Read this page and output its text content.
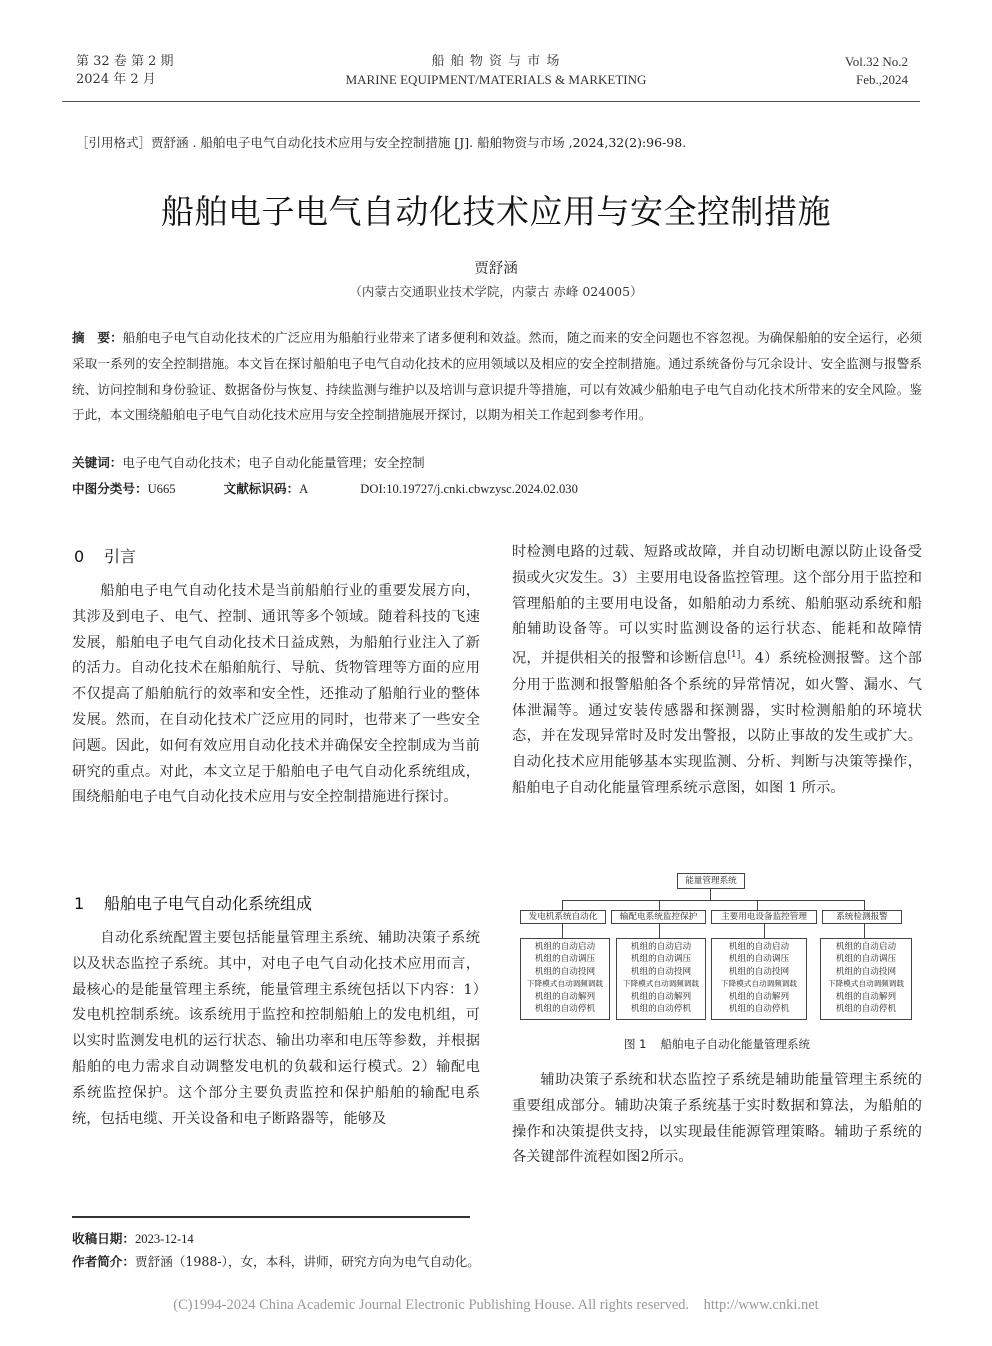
第 32 卷 第 2 期
2024 年 2 月
船 舶 物 资 与 市 场
MARINE EQUIPMENT/MATERIALS & MARKETING
Vol.32 No.2
Feb.,2024
［引用格式］贾舒涵 . 船舶电子电气自动化技术应用与安全控制措施 [J]. 船舶物资与市场 ,2024,32(2):96-98.
船舶电子电气自动化技术应用与安全控制措施
贾舒涵
（内蒙古交通职业技术学院，内蒙古 赤峰 024005）
摘　要：船舶电子电气自动化技术的广泛应用为船舶行业带来了诸多便利和效益。然而，随之而来的安全问题也不容忽视。为确保船舶的安全运行，必须采取一系列的安全控制措施。本文旨在探讨船舶电子电气自动化技术的应用领域以及相应的安全控制措施。通过系统备份与冗余设计、安全监测与报警系统、访问控制和身份验证、数据备份与恢复、持续监测与维护以及培训与意识提升等措施，可以有效减少船舶电子电气自动化技术所带来的安全风险。鉴于此，本文围绕船舶电子电气自动化技术应用与安全控制措施展开探讨，以期为相关工作起到参考作用。
关键词：电子电气自动化技术；电子自动化能量管理；安全控制
中图分类号：U665	文献标识码：A	DOI:10.19727/j.cnki.cbwzysc.2024.02.030
0 引言

船舶电子电气自动化技术是当前船舶行业的重要发展方向，其涉及到电子、电气、控制、通讯等多个领域。随着科技的飞速发展，船舶电子电气自动化技术日益成熟，为船舶行业注入了新的活力。自动化技术在船舶航行、导航、货物管理等方面的应用不仅提高了船舶航行的效率和安全性，还推动了船舶行业的整体发展。然而，在自动化技术广泛应用的同时，也带来了一些安全问题。因此，如何有效应用自动化技术并确保安全控制成为当前研究的重点。对此，本文立足于船舶电子电气自动化系统组成，围绕船舶电子电气自动化技术应用与安全控制措施进行探讨。

1 船舶电子电气自动化系统组成

自动化系统配置主要包括能量管理主系统、辅助决策子系统以及状态监控子系统。其中，对电子电气自动化技术应用而言，最核心的是能量管理主系统，能量管理主系统包括以下内容：1）发电机控制系统。该系统用于监控和控制船舶上的发电机组，可以实时监测发电机的运行状态、输出功率和电压等参数，并根据船舶的电力需求自动调整发电机的负载和运行模式。2）输配电系统监控保护。这个部分主要负责监控和保护船舶的输配电系统，包括电缆、开关设备和电子断路器等，能够及

时检测电路的过载、短路或故障，并自动切断电源以防止设备受损或火灾发生。3）主要用电设备监控管理。这个部分用于监控和管理船舶的主要用电设备，如船舶动力系统、船舶驱动系统和船舶辅助设备等。可以实时监测设备的运行状态、能耗和故障情况，并提供相关的报警和诊断信息[1]。4）系统检测报警。这个部分用于监测和报警船舶各个系统的异常情况，如火警、漏水、气体泄漏等。通过安装传感器和探测器，实时检测船舶的环境状态，并在发现异常时及时发出警报，以防止事故的发生或扩大。自动化技术应用能够基本实现监测、分析、判断与决策等操作，船舶电子自动化能量管理系统示意图，如图 1 所示。

能量管理系统
发电机系统自动化	输配电系统监控保护	主要用电设备监控管理	系统检测报警
机组的自动启动
机组的自动调压
机组的自动投网
下降模式自动调频调载
机组的自动解列
机组的自动停机
机组的自动启动
机组的自动调压
机组的自动投网
下降模式自动调频调载
机组的自动解列
机组的自动停机
机组的自动启动
机组的自动调压
机组的自动投网
下降模式自动调频调载
机组的自动解列
机组的自动停机
机组的自动启动
机组的自动调压
机组的自动投网
下降模式自动调频调载
机组的自动解列
机组的自动停机
图 1 船舶电子自动化能量管理系统

辅助决策子系统和状态监控子系统是辅助能量管理主系统的重要组成部分。辅助决策子系统基于实时数据和算法，为船舶的操作和决策提供支持，以实现最佳能源管理策略。辅助子系统的各关键部件流程如图2所示。

收稿日期：2023-12-14
作者简介：贾舒涵（1988-），女，本科，讲师，研究方向为电气自动化。
(C)1994-2024 China Academic Journal Electronic Publishing House. All rights reserved.    http://www.cnki.net
